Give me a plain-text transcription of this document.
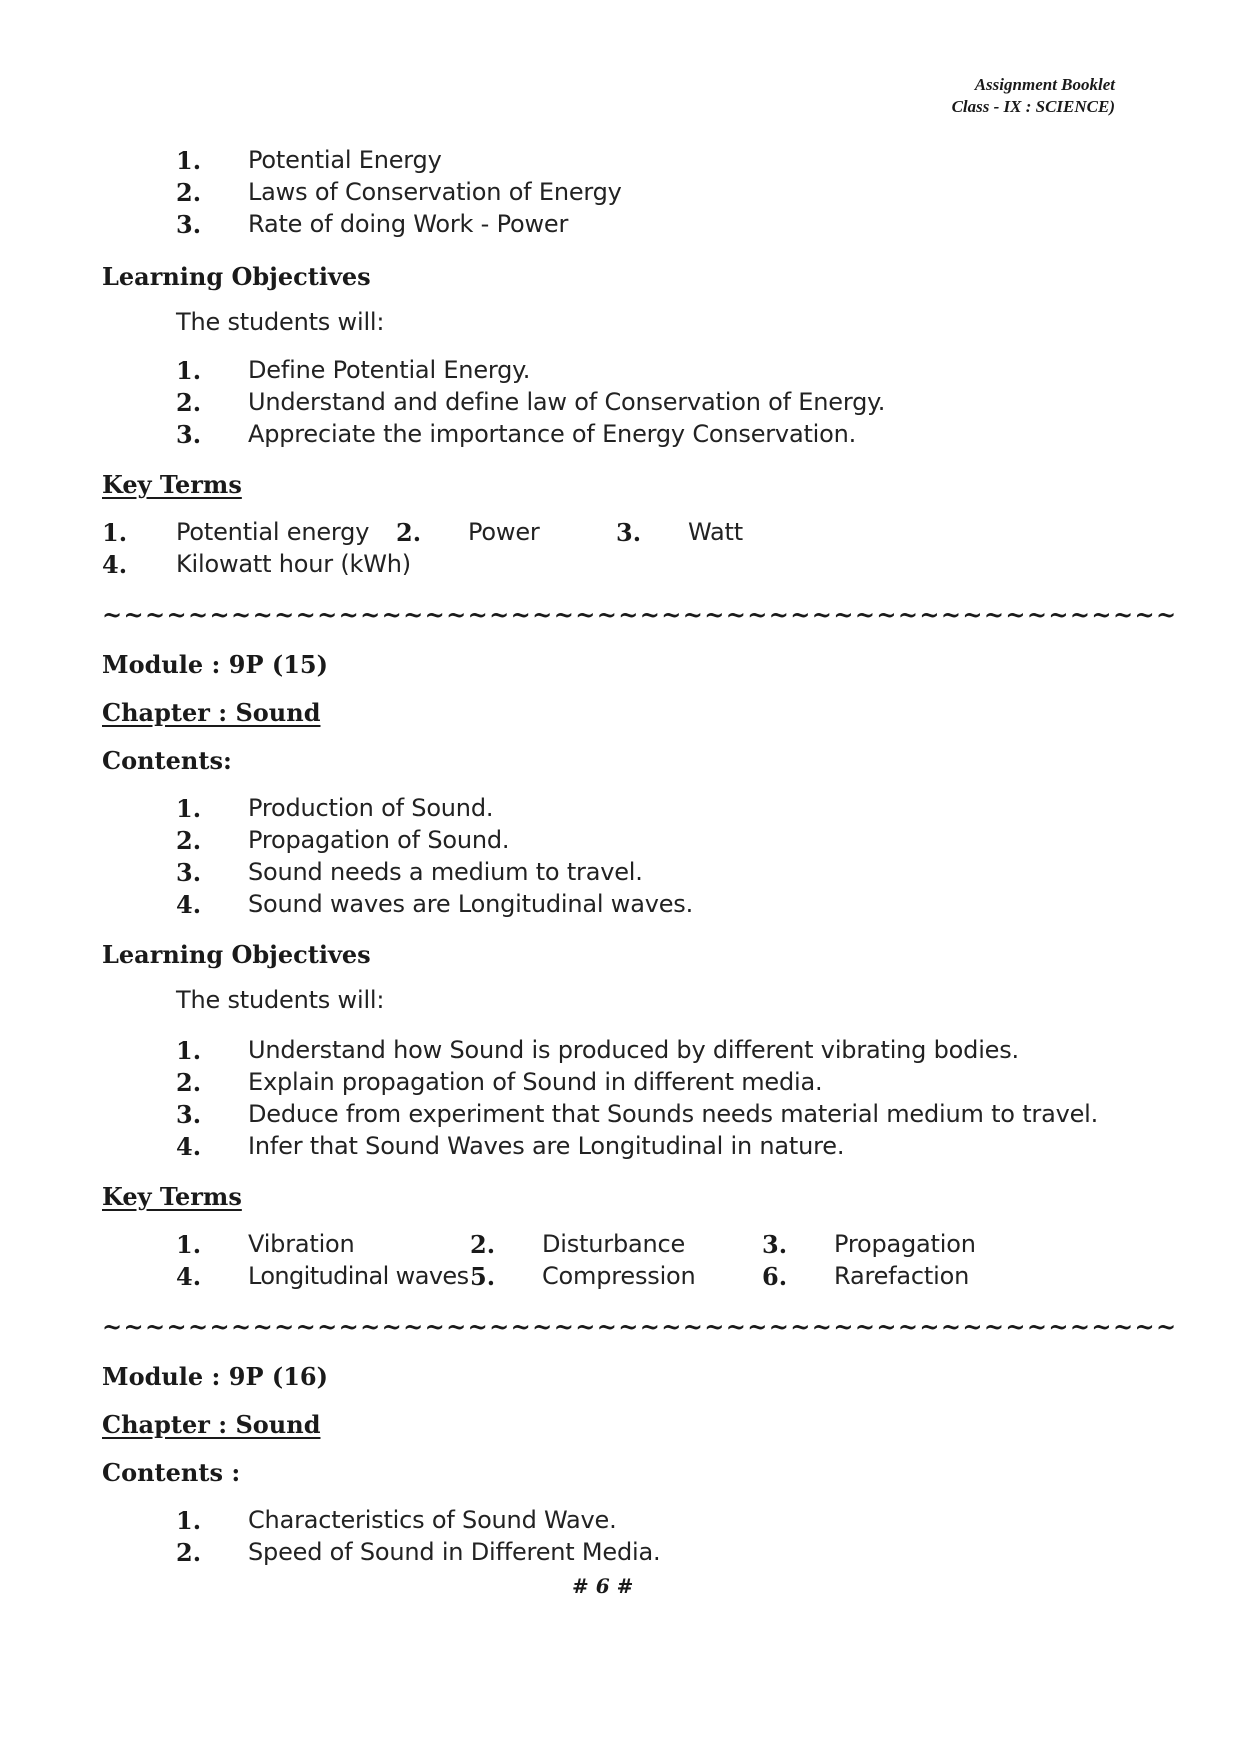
Assignment Booklet
Class - IX : SCIENCE)
1. Potential Energy
2. Laws of Conservation of Energy
3. Rate of doing Work - Power
Learning Objectives
The students will:
1. Define Potential Energy.
2. Understand and define law of Conservation of Energy.
3. Appreciate the importance of Energy Conservation.
Key Terms
1. Potential energy 2. Power	3. Watt
4. Kilowatt hour (kWh)
~~~~~~~~~~~~~~~~~~~~~~~~~~~~~~~~~~~~~~~~~~~~~~~~~~
Module : 9P (15)
Chapter : Sound
Contents:
1. Production of Sound.
2. Propagation of Sound.
3. Sound needs a medium to travel.
4. Sound waves are Longitudinal waves.
Learning Objectives
The students will:
1. Understand how Sound is produced by different vibrating bodies.
2. Explain propagation of Sound in different media.
3. Deduce from experiment that Sounds needs material medium to travel.
4. Infer that Sound Waves are Longitudinal in nature.
Key Terms
1. Vibration	2. Disturbance	3. Propagation
4. Longitudinal waves 5. Compression	6. Rarefaction
~~~~~~~~~~~~~~~~~~~~~~~~~~~~~~~~~~~~~~~~~~~~~~~~~~
Module : 9P (16)
Chapter : Sound
Contents :
1. Characteristics of Sound Wave.
2. Speed of Sound in Different Media.
# 6 #
